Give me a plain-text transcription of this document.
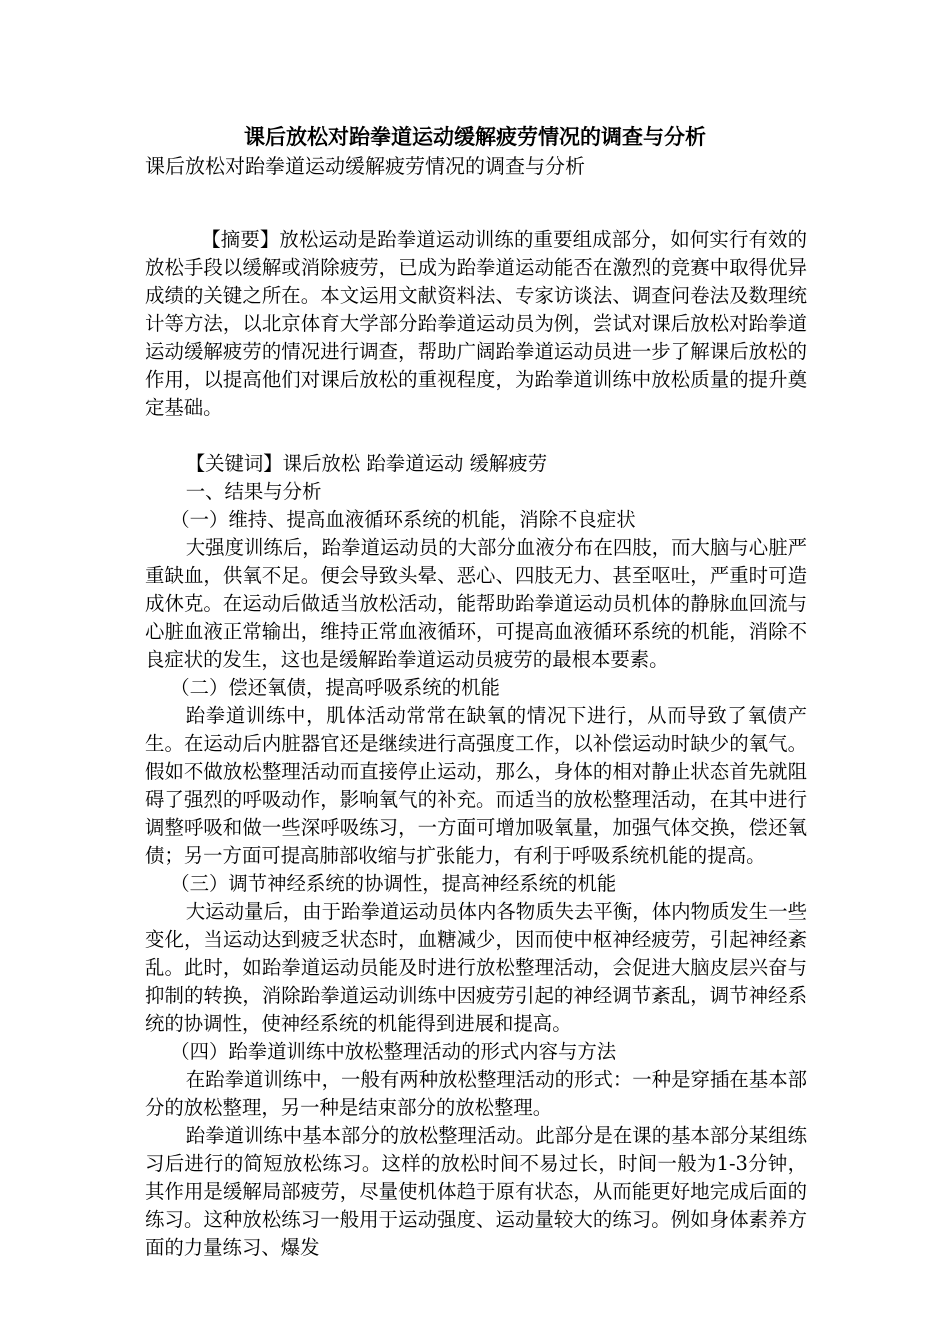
课后放松对跆拳道运动缓解疲劳情况的调查与分析
课后放松对跆拳道运动缓解疲劳情况的调查与分析

【摘要】放松运动是跆拳道运动训练的重要组成部分，如何实行有效的放松手段以缓解或消除疲劳，已成为跆拳道运动能否在激烈的竞赛中取得优异成绩的关键之所在。本文运用文献资料法、专家访谈法、调查问卷法及数理统计等方法，以北京体育大学部分跆拳道运动员为例，尝试对课后放松对跆拳道运动缓解疲劳的情况进行调查，帮助广阔跆拳道运动员进一步了解课后放松的作用，以提高他们对课后放松的重视程度，为跆拳道训练中放松质量的提升奠定基础。

【关键词】课后放松 跆拳道运动 缓解疲劳

一、结果与分析

（一）维持、提高血液循环系统的机能，消除不良症状

大强度训练后，跆拳道运动员的大部分血液分布在四肢，而大脑与心脏严重缺血，供氧不足。便会导致头晕、恶心、四肢无力、甚至呕吐，严重时可造成休克。在运动后做适当放松活动，能帮助跆拳道运动员机体的静脉血回流与心脏血液正常输出，维持正常血液循环，可提高血液循环系统的机能，消除不良症状的发生，这也是缓解跆拳道运动员疲劳的最根本要素。

（二）偿还氧债，提高呼吸系统的机能

跆拳道训练中，肌体活动常常在缺氧的情况下进行，从而导致了氧债产生。在运动后内脏器官还是继续进行高强度工作，以补偿运动时缺少的氧气。假如不做放松整理活动而直接停止运动，那么，身体的相对静止状态首先就阻碍了强烈的呼吸动作，影响氧气的补充。而适当的放松整理活动，在其中进行调整呼吸和做一些深呼吸练习，一方面可增加吸氧量，加强气体交换，偿还氧债；另一方面可提高肺部收缩与扩张能力，有利于呼吸系统机能的提高。

（三）调节神经系统的协调性，提高神经系统的机能

大运动量后，由于跆拳道运动员体内各物质失去平衡，体内物质发生一些变化，当运动达到疲乏状态时，血糖减少，因而使中枢神经疲劳，引起神经紊乱。此时，如跆拳道运动员能及时进行放松整理活动，会促进大脑皮层兴奋与抑制的转换，消除跆拳道运动训练中因疲劳引起的神经调节紊乱，调节神经系统的协调性，使神经系统的机能得到进展和提高。

（四）跆拳道训练中放松整理活动的形式内容与方法

在跆拳道训练中，一般有两种放松整理活动的形式：一种是穿插在基本部分的放松整理，另一种是结束部分的放松整理。

跆拳道训练中基本部分的放松整理活动。此部分是在课的基本部分某组练习后进行的简短放松练习。这样的放松时间不易过长，时间一般为1-3分钟，其作用是缓解局部疲劳，尽量使机体趋于原有状态，从而能更好地完成后面的练习。这种放松练习一般用于运动强度、运动量较大的练习。例如身体素养方面的力量练习、爆发
